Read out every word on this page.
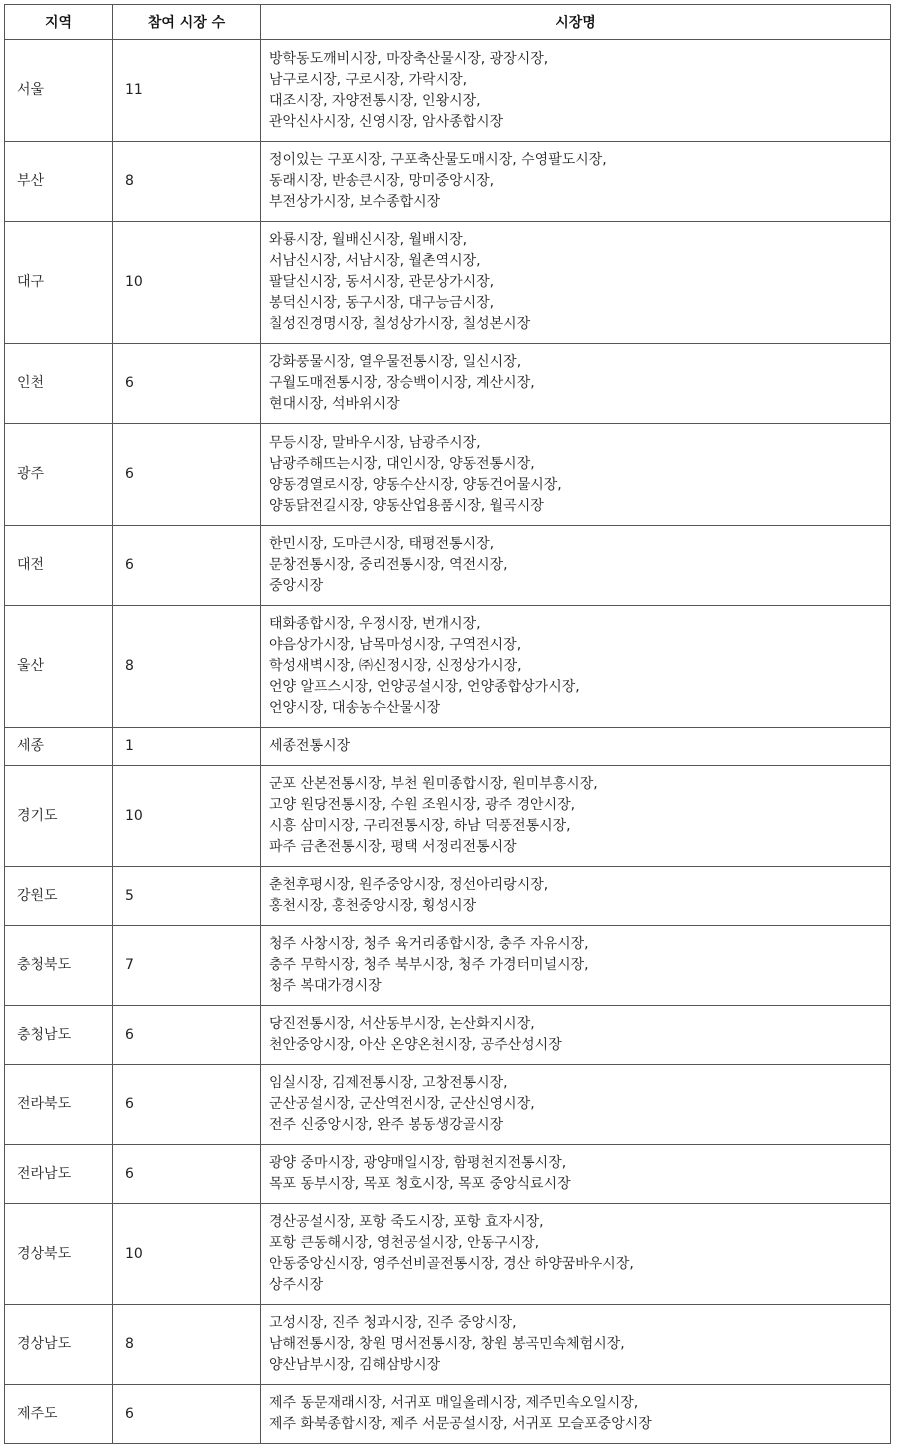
지역	참여 시장 수	시장명
서울	11	방학동도깨비시장, 마장축산물시장, 광장시장,
남구로시장, 구로시장, 가락시장,
대조시장, 자양전통시장, 인왕시장,
관악신사시장, 신영시장, 암사종합시장

부산	8	정이있는 구포시장, 구포축산물도매시장, 수영팔도시장,
동래시장, 반송큰시장, 망미중앙시장,
부전상가시장, 보수종합시장

대구	10	와룡시장, 월배신시장, 월배시장,
서남신시장, 서남시장, 월촌역시장,
팔달신시장, 동서시장, 관문상가시장,
봉덕신시장, 동구시장, 대구능금시장,
칠성진경명시장, 칠성상가시장, 칠성본시장

인천	6	강화풍물시장, 열우물전통시장, 일신시장,
구월도매전통시장, 장승백이시장, 계산시장,
현대시장, 석바위시장

광주	6	무등시장, 말바우시장, 남광주시장,
남광주해뜨는시장, 대인시장, 양동전통시장,
양동경열로시장, 양동수산시장, 양동건어물시장,
양동닭전길시장, 양동산업용품시장, 월곡시장

대전	6	한민시장, 도마큰시장, 태평전통시장,
문창전통시장, 중리전통시장, 역전시장,
중앙시장

울산	8	태화종합시장, 우정시장, 번개시장,
야음상가시장, 남목마성시장, 구역전시장,
학성새벽시장, ㈜신정시장, 신정상가시장,
언양 알프스시장, 언양공설시장, 언양종합상가시장,
언양시장, 대송농수산물시장

세종	1	세종전통시장

경기도	10	군포 산본전통시장, 부천 원미종합시장, 원미부흥시장,
고양 원당전통시장, 수원 조원시장, 광주 경안시장,
시흥 삼미시장, 구리전통시장, 하남 덕풍전통시장,
파주 금촌전통시장, 평택 서정리전통시장

강원도	5	춘천후평시장, 원주중앙시장, 정선아리랑시장,
홍천시장, 홍천중앙시장, 횡성시장

충청북도	7	청주 사창시장, 청주 육거리종합시장, 충주 자유시장,
충주 무학시장, 청주 북부시장, 청주 가경터미널시장,
청주 복대가경시장

충청남도	6	당진전통시장, 서산동부시장, 논산화지시장,
천안중앙시장, 아산 온양온천시장, 공주산성시장

전라북도	6	임실시장, 김제전통시장, 고창전통시장,
군산공설시장, 군산역전시장, 군산신영시장,
전주 신중앙시장, 완주 봉동생강골시장

전라남도	6	광양 중마시장, 광양매일시장, 함평천지전통시장,
목포 동부시장, 목포 청호시장, 목포 중앙식료시장

경상북도	10	경산공설시장, 포항 죽도시장, 포항 효자시장,
포항 큰동해시장, 영천공설시장, 안동구시장,
안동중앙신시장, 영주선비골전통시장, 경산 하양꿈바우시장,
상주시장

경상남도	8	고성시장, 진주 청과시장, 진주 중앙시장,
남해전통시장, 창원 명서전통시장, 창원 봉곡민속체험시장,
양산남부시장, 김해삼방시장

제주도	6	제주 동문재래시장, 서귀포 매일올레시장, 제주민속오일시장,
제주 화북종합시장, 제주 서문공설시장, 서귀포 모슬포중앙시장
